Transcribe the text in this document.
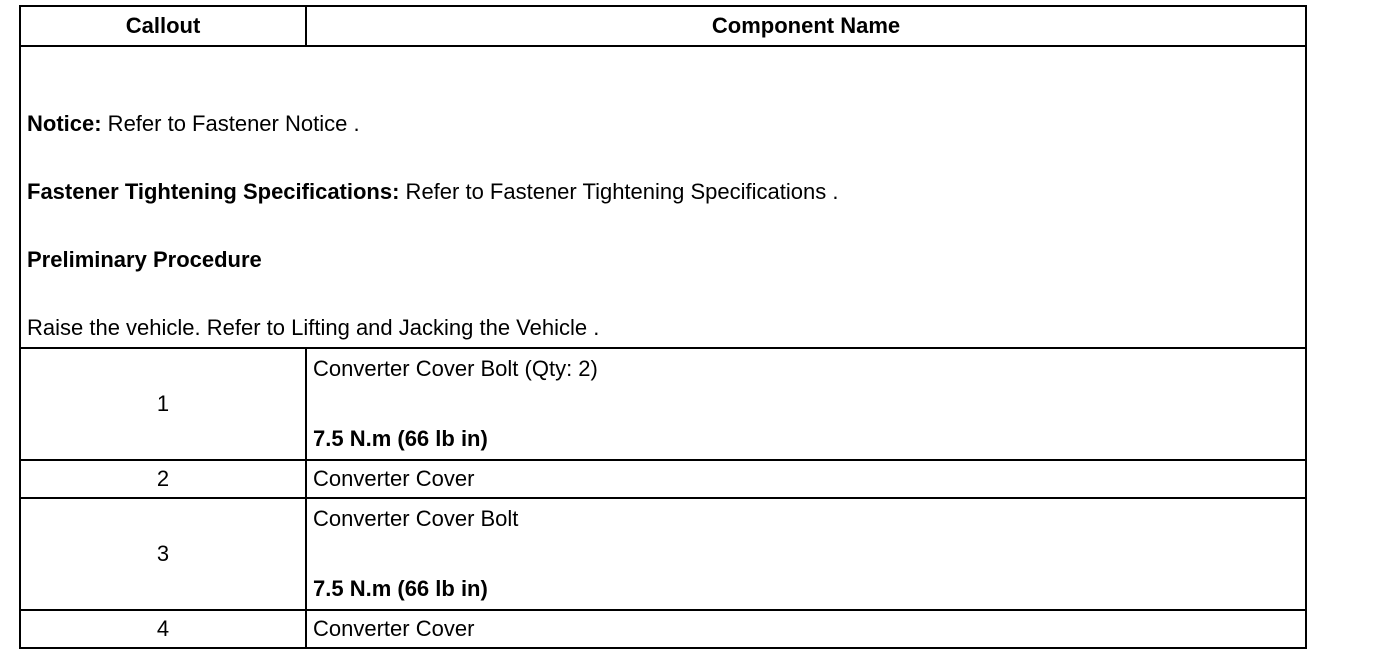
Callout	Component Name

Notice: Refer to Fastener Notice .

Fastener Tightening Specifications: Refer to Fastener Tightening Specifications .

Preliminary Procedure

Raise the vehicle. Refer to Lifting and Jacking the Vehicle .	

1	Converter Cover Bolt (Qty: 2)
7.5 N.m (66 lb in)

2	Converter Cover
3	Converter Cover Bolt
7.5 N.m (66 lb in)

4	Converter Cover
